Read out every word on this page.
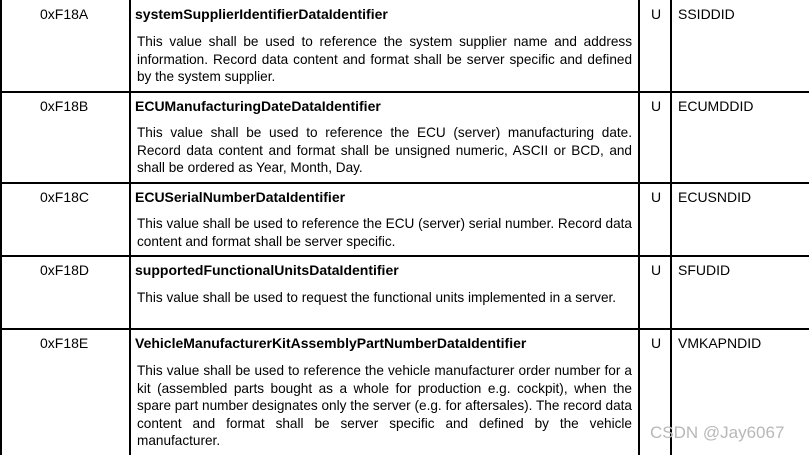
0xF18A	systemSupplierIdentifierDataIdentifier
This value shall be used to reference the system supplier name and address information. Record data content and format shall be server specific and defined by the system supplier.
U SSIDDID
0xF18B	ECUManufacturingDateDataIdentifier
This value shall be used to reference the ECU (server) manufacturing date. Record data content and format shall be unsigned numeric, ASCII or BCD, and shall be ordered as Year, Month, Day.
U ECUMDDID
0xF18C	ECUSerialNumberDataIdentifier
This value shall be used to reference the ECU (server) serial number. Record data content and format shall be server specific.
U ECUSNDID
0xF18D	supportedFunctionalUnitsDataIdentifier
This value shall be used to request the functional units implemented in a server.
U SFUDID
0xF18E	VehicleManufacturerKitAssemblyPartNumberDataIdentifier
This value shall be used to reference the vehicle manufacturer order number for a kit (assembled parts bought as a whole for production e.g. cockpit), when the spare part number designates only the server (e.g. for aftersales). The record data content and format shall be server specific and defined by the vehicle manufacturer.
U VMKAPNDID
CSDN @Jay6067
